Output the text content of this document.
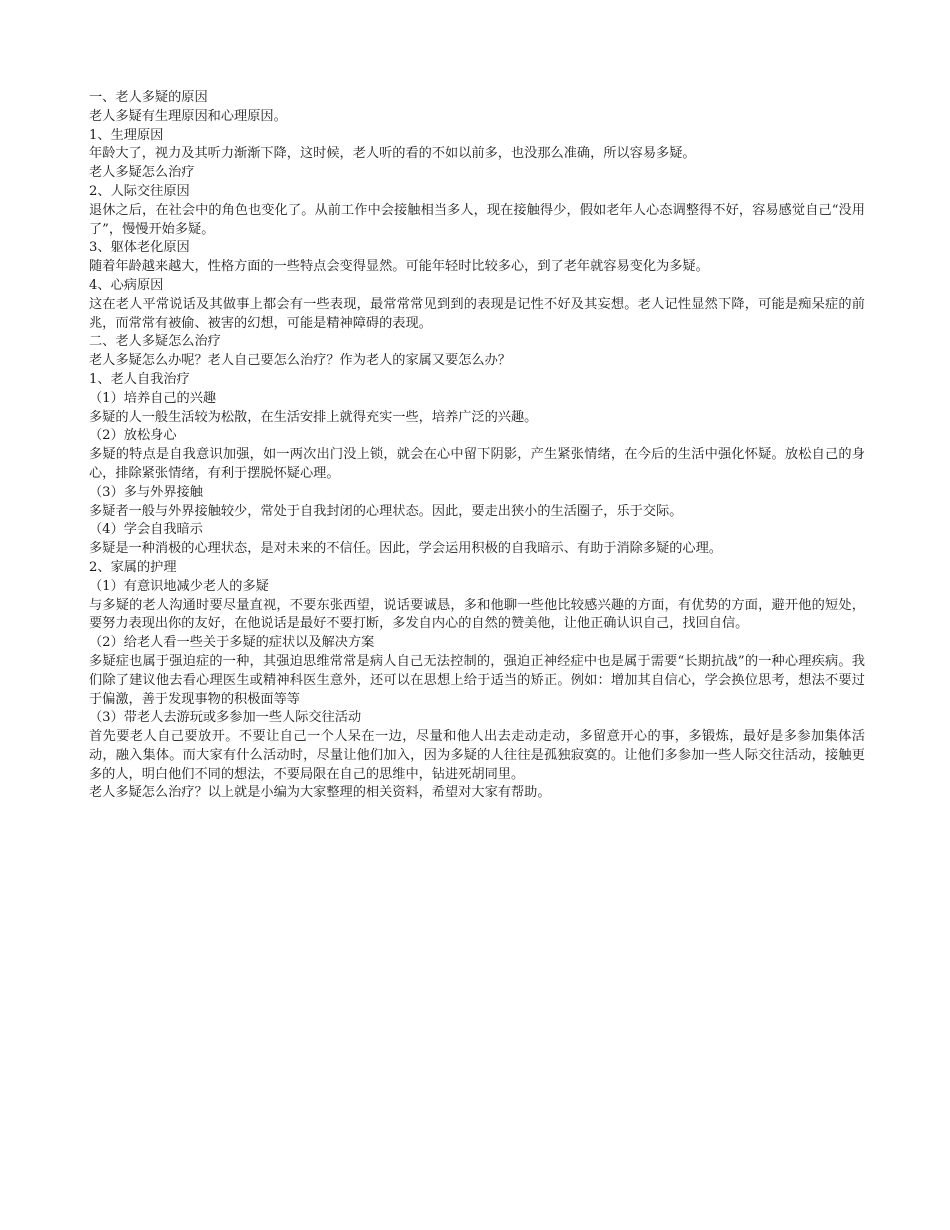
一、老人多疑的原因

老人多疑有生理原因和心理原因。

1、生理原因

年龄大了，视力及其听力渐渐下降，这时候，老人听的看的不如以前多，也没那么准确，所以容易多疑。

老人多疑怎么治疗

2、人际交往原因

退休之后，在社会中的角色也变化了。从前工作中会接触相当多人，现在接触得少，假如老年人心态调整得不好，容易感觉自己“没用了”，慢慢开始多疑。

3、躯体老化原因

随着年龄越来越大，性格方面的一些特点会变得显然。可能年轻时比较多心，到了老年就容易变化为多疑。

4、心病原因

这在老人平常说话及其做事上都会有一些表现，最常常常见到到的表现是记性不好及其妄想。老人记性显然下降，可能是痴呆症的前兆，而常常有被偷、被害的幻想，可能是精神障碍的表现。

二、老人多疑怎么治疗

老人多疑怎么办呢？老人自己要怎么治疗？作为老人的家属又要怎么办？

1、老人自我治疗

（1）培养自己的兴趣

多疑的人一般生活较为松散，在生活安排上就得充实一些，培养广泛的兴趣。

（2）放松身心

多疑的特点是自我意识加强，如一两次出门没上锁，就会在心中留下阴影，产生紧张情绪，在今后的生活中强化怀疑。放松自己的身心，排除紧张情绪，有利于摆脱怀疑心理。

（3）多与外界接触

多疑者一般与外界接触较少，常处于自我封闭的心理状态。因此，要走出狭小的生活圈子，乐于交际。

（4）学会自我暗示

多疑是一种消极的心理状态，是对未来的不信任。因此，学会运用积极的自我暗示、有助于消除多疑的心理。

2、家属的护理

（1）有意识地减少老人的多疑

与多疑的老人沟通时要尽量直视，不要东张西望，说话要诚恳，多和他聊一些他比较感兴趣的方面，有优势的方面，避开他的短处，要努力表现出你的友好，在他说话是最好不要打断，多发自内心的自然的赞美他，让他正确认识自己，找回自信。

（2）给老人看一些关于多疑的症状以及解决方案

多疑症也属于强迫症的一种，其强迫思维常常是病人自己无法控制的，强迫正神经症中也是属于需要“长期抗战”的一种心理疾病。我们除了建议他去看心理医生或精神科医生意外，还可以在思想上给于适当的矫正。例如：增加其自信心，学会换位思考，想法不要过于偏激，善于发现事物的积极面等等

（3）带老人去游玩或多参加一些人际交往活动

首先要老人自己要放开。不要让自己一个人呆在一边，尽量和他人出去走动走动，多留意开心的事，多锻炼，最好是多参加集体活动，融入集体。而大家有什么活动时，尽量让他们加入，因为多疑的人往往是孤独寂寞的。让他们多参加一些人际交往活动，接触更多的人，明白他们不同的想法，不要局限在自己的思维中，钻进死胡同里。

老人多疑怎么治疗？以上就是小编为大家整理的相关资料，希望对大家有帮助。
